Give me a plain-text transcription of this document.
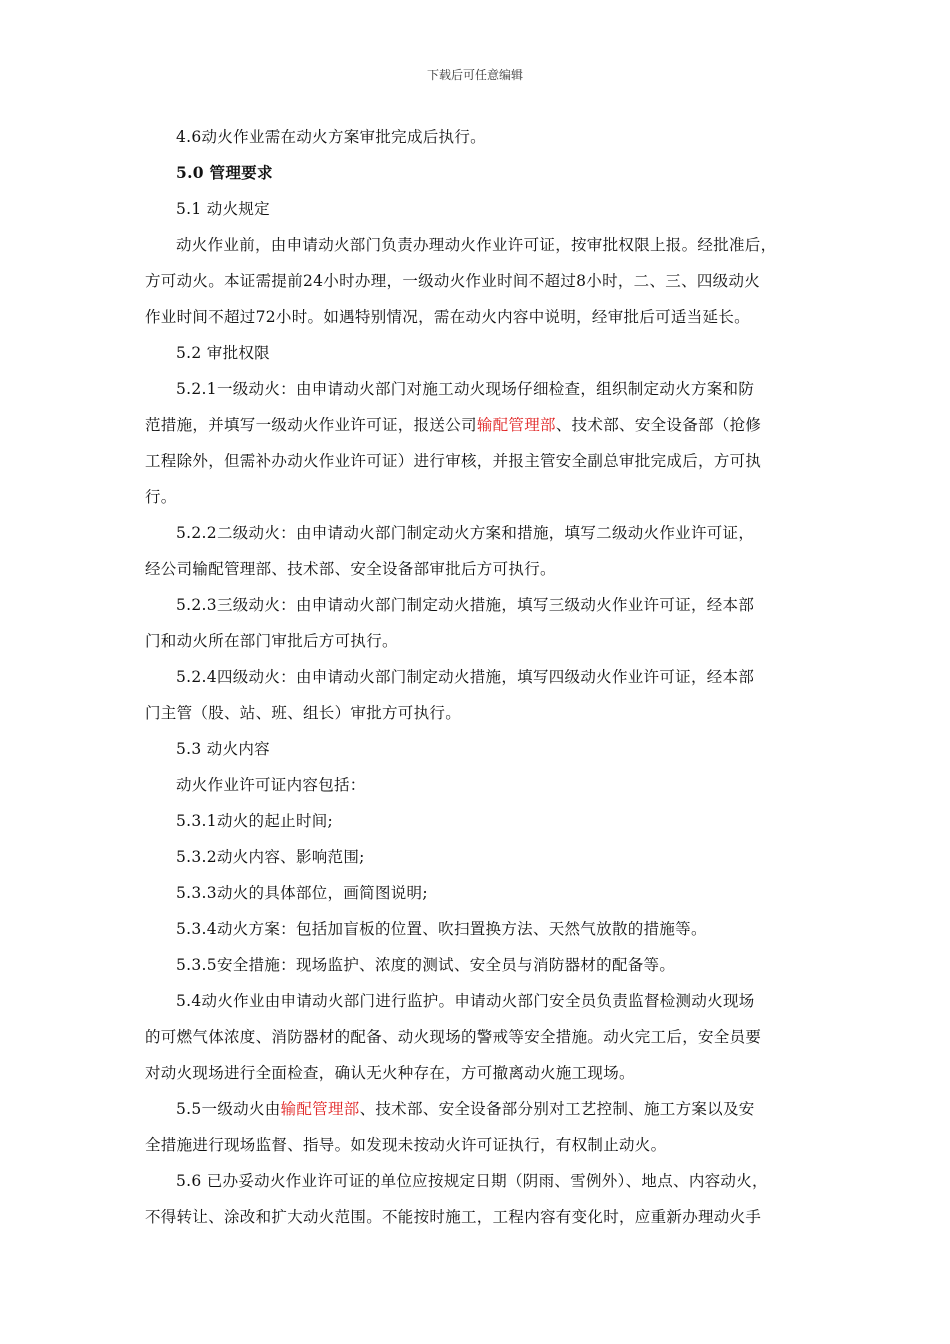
下载后可任意编辑
4.6动火作业需在动火方案审批完成后执行。
5.0 管理要求
5.1 动火规定
动火作业前，由申请动火部门负责办理动火作业许可证，按审批权限上报。经批准后，
方可动火。本证需提前24小时办理，一级动火作业时间不超过8小时，二、三、四级动火
作业时间不超过72小时。如遇特别情况，需在动火内容中说明，经审批后可适当延长。
5.2 审批权限
5.2.1一级动火：由申请动火部门对施工动火现场仔细检查，组织制定动火方案和防
范措施，并填写一级动火作业许可证，报送公司输配管理部、技术部、安全设备部（抢修
工程除外，但需补办动火作业许可证）进行审核，并报主管安全副总审批完成后，方可执
行。
5.2.2二级动火：由申请动火部门制定动火方案和措施，填写二级动火作业许可证，
经公司输配管理部、技术部、安全设备部审批后方可执行。
5.2.3三级动火：由申请动火部门制定动火措施，填写三级动火作业许可证，经本部
门和动火所在部门审批后方可执行。
5.2.4四级动火：由申请动火部门制定动火措施，填写四级动火作业许可证，经本部
门主管（股、站、班、组长）审批方可执行。
5.3 动火内容
动火作业许可证内容包括：
5.3.1动火的起止时间;
5.3.2动火内容、影响范围;
5.3.3动火的具体部位，画简图说明;
5.3.4动火方案：包括加盲板的位置、吹扫置换方法、天然气放散的措施等。
5.3.5安全措施：现场监护、浓度的测试、安全员与消防器材的配备等。
5.4动火作业由申请动火部门进行监护。申请动火部门安全员负责监督检测动火现场
的可燃气体浓度、消防器材的配备、动火现场的警戒等安全措施。动火完工后，安全员要
对动火现场进行全面检查，确认无火种存在，方可撤离动火施工现场。
5.5一级动火由输配管理部、技术部、安全设备部分别对工艺控制、施工方案以及安
全措施进行现场监督、指导。如发现未按动火许可证执行，有权制止动火。
5.6 已办妥动火作业许可证的单位应按规定日期（阴雨、雪例外）、地点、内容动火，
不得转让、涂改和扩大动火范围。不能按时施工，工程内容有变化时，应重新办理动火手
